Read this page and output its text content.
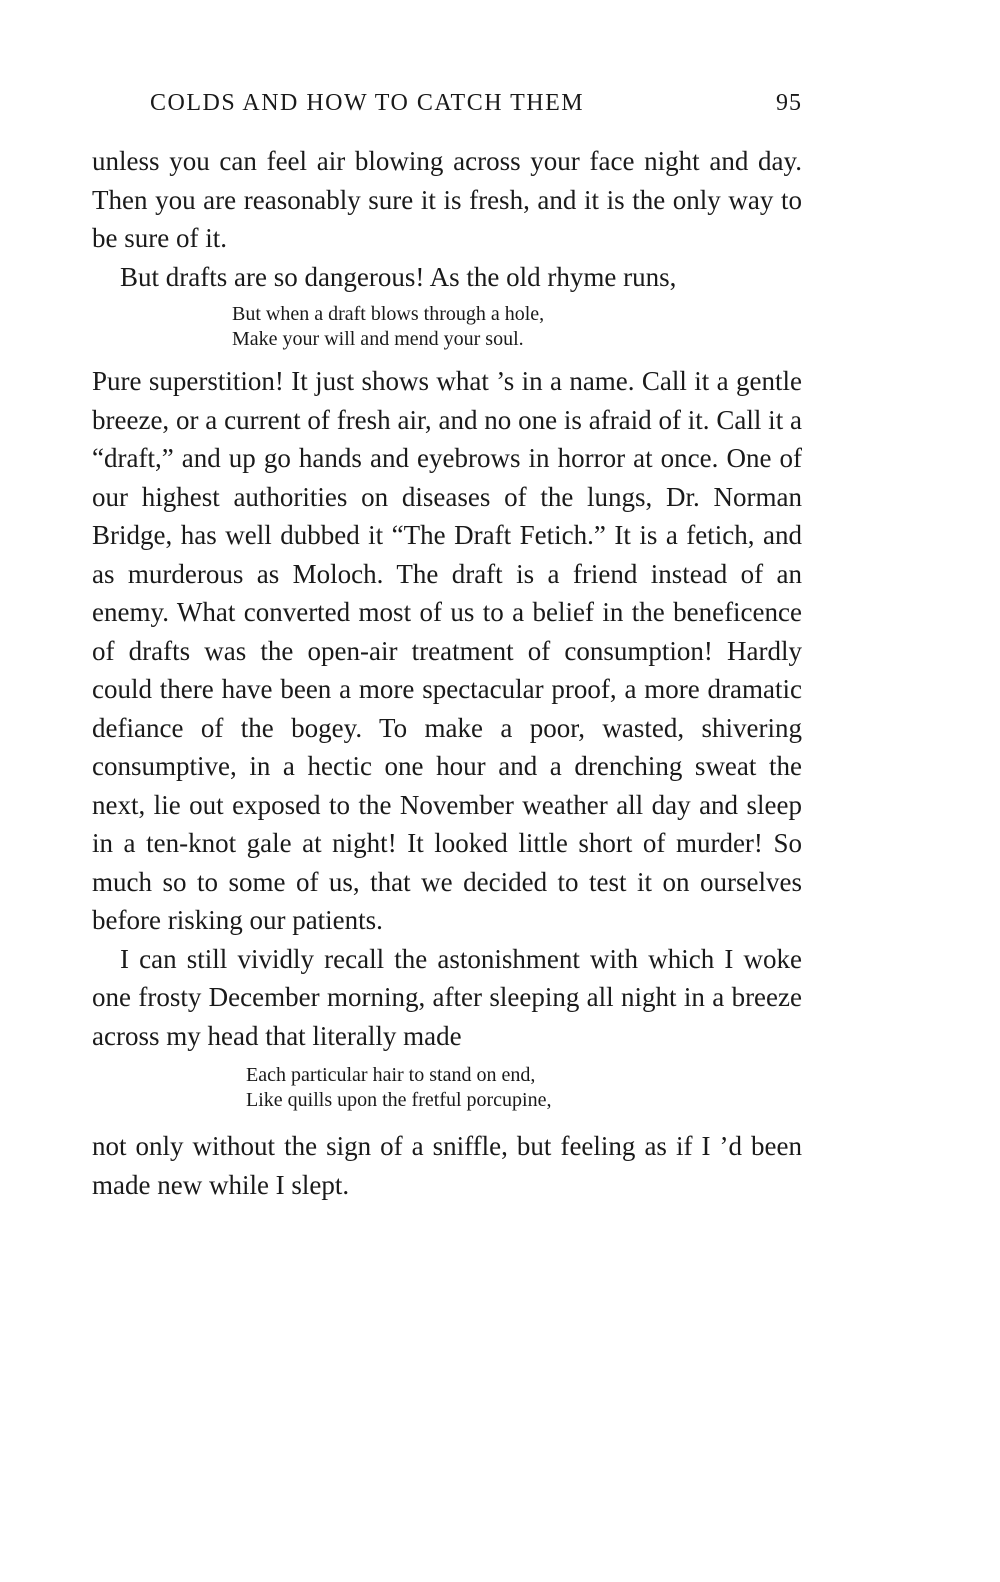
COLDS AND HOW TO CATCH THEM	95

unless you can feel air blowing across your face night and day. Then you are reasonably sure it is fresh, and it is the only way to be sure of it.

But drafts are so dangerous! As the old rhyme runs,

But when a draft blows through a hole,
Make your will and mend your soul.

Pure superstition! It just shows what ’s in a name. Call it a gentle breeze, or a current of fresh air, and no one is afraid of it. Call it a “draft,” and up go hands and eyebrows in horror at once. One of our highest authorities on diseases of the lungs, Dr. Norman Bridge, has well dubbed it “The Draft Fetich.” It is a fetich, and as murderous as Moloch. The draft is a friend instead of an enemy. What converted most of us to a belief in the beneficence of drafts was the open-air treatment of consumption! Hardly could there have been a more spectacular proof, a more dramatic defiance of the bogey. To make a poor, wasted, shivering consumptive, in a hectic one hour and a drenching sweat the next, lie out exposed to the November weather all day and sleep in a ten-knot gale at night! It looked little short of murder! So much so to some of us, that we decided to test it on ourselves before risking our patients.

I can still vividly recall the astonishment with which I woke one frosty December morning, after sleeping all night in a breeze across my head that literally made

Each particular hair to stand on end,
Like quills upon the fretful porcupine,

not only without the sign of a sniffle, but feeling as if I ’d been made new while I slept.
